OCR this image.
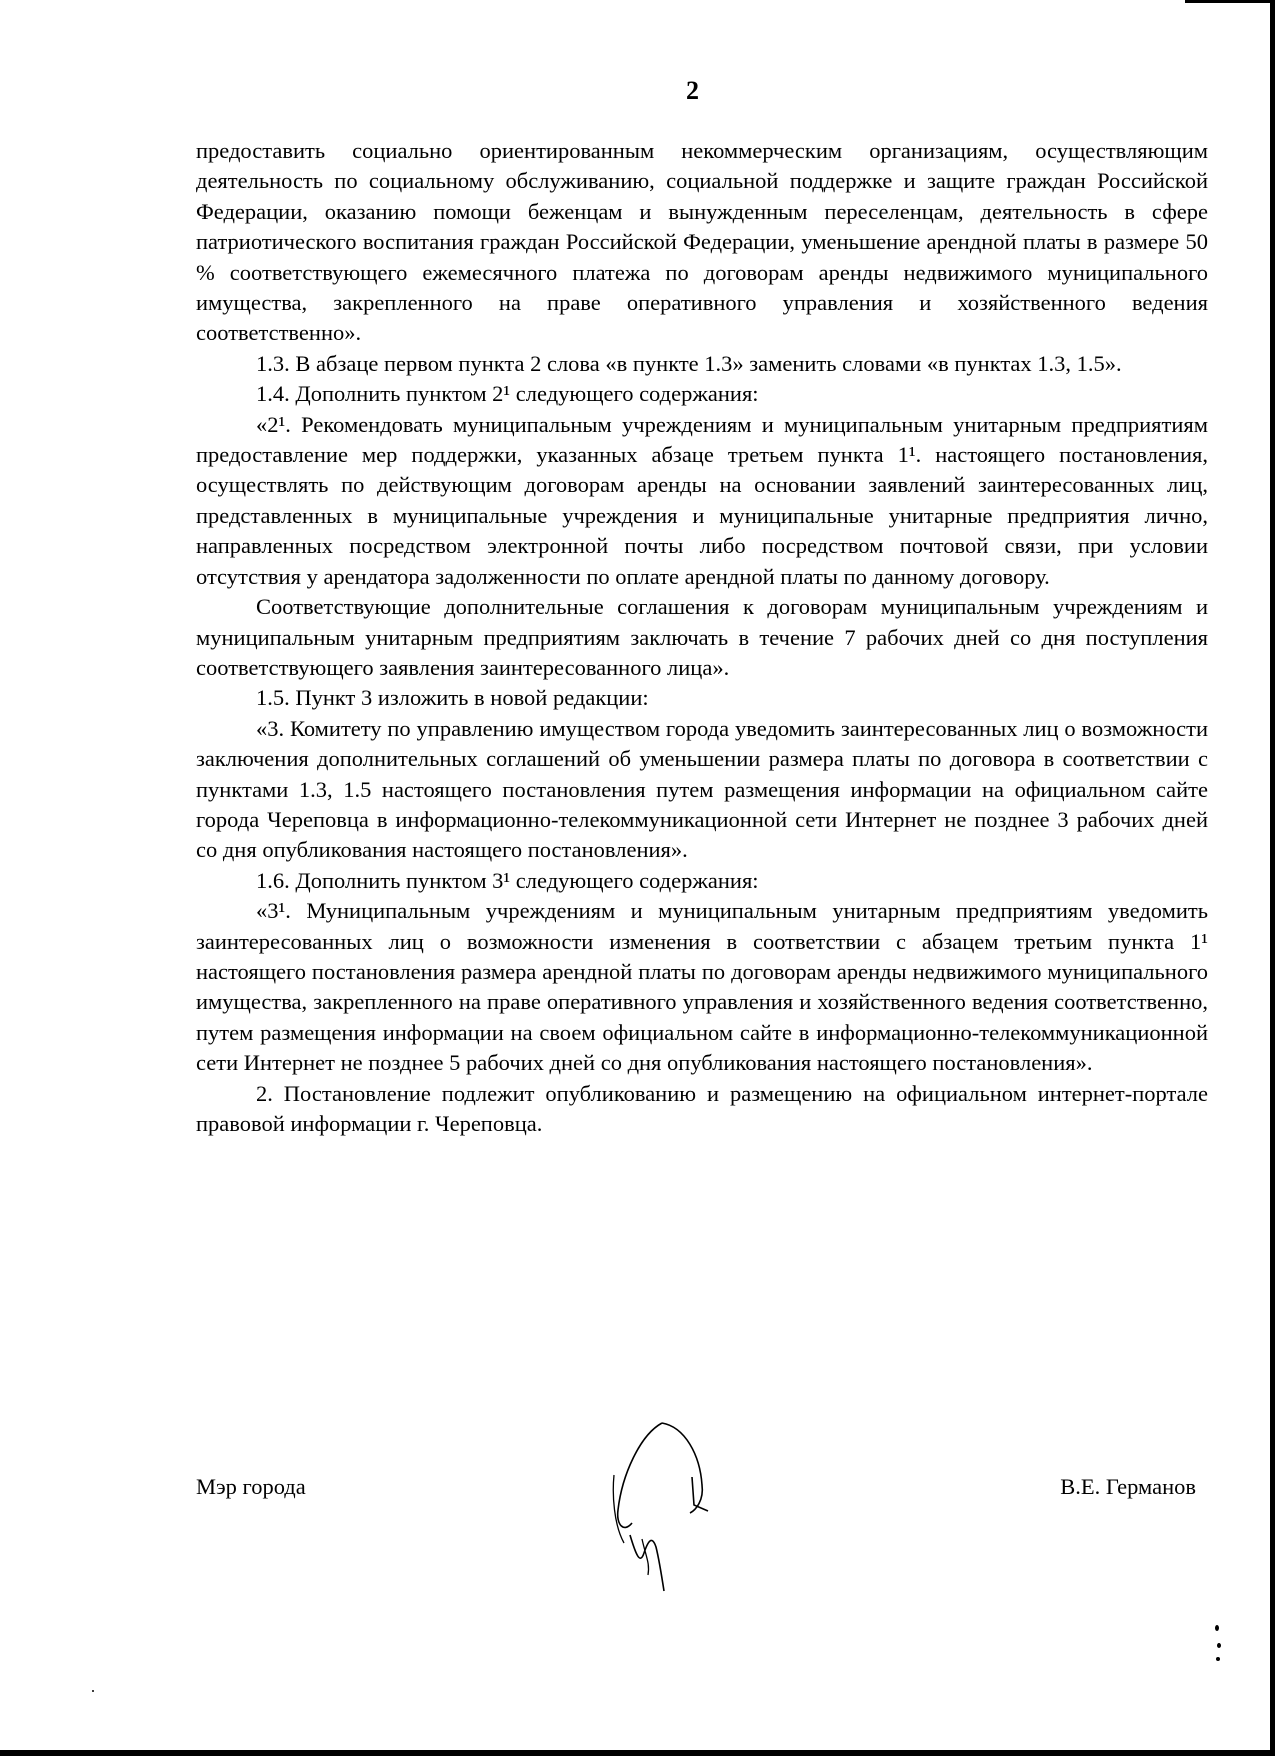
2

предоставить социально ориентированным некоммерческим организациям, осуществляющим деятельность по социальному обслуживанию, социальной поддержке и защите граждан Российской Федерации, оказанию помощи беженцам и вынужденным переселенцам, деятельность в сфере патриотического воспитания граждан Российской Федерации, уменьшение арендной платы в размере 50 % соответствующего ежемесячного платежа по договорам аренды недвижимого муниципального имущества, закрепленного на праве оперативного управления и хозяйственного ведения соответственно».

1.3. В абзаце первом пункта 2 слова «в пункте 1.3» заменить словами «в пунктах 1.3, 1.5».

1.4. Дополнить пунктом 2¹ следующего содержания:

«2¹. Рекомендовать муниципальным учреждениям и муниципальным унитарным предприятиям предоставление мер поддержки, указанных абзаце третьем пункта 1¹. настоящего постановления, осуществлять по действующим договорам аренды на основании заявлений заинтересованных лиц, представленных в муниципальные учреждения и муниципальные унитарные предприятия лично, направленных посредством электронной почты либо посредством почтовой связи, при условии отсутствия у арендатора задолженности по оплате арендной платы по данному договору.

Соответствующие дополнительные соглашения к договорам муниципальным учреждениям и муниципальным унитарным предприятиям заключать в течение 7 рабочих дней со дня поступления соответствующего заявления заинтересованного лица».

1.5. Пункт 3 изложить в новой редакции:

«3. Комитету по управлению имуществом города уведомить заинтересованных лиц о возможности заключения дополнительных соглашений об уменьшении размера платы по договора в соответствии с пунктами 1.3, 1.5 настоящего постановления путем размещения информации на официальном сайте города Череповца в информационно-телекоммуникационной сети Интернет не позднее 3 рабочих дней со дня опубликования настоящего постановления».

1.6. Дополнить пунктом 3¹ следующего содержания:

«3¹. Муниципальным учреждениям и муниципальным унитарным предприятиям уведомить заинтересованных лиц о возможности изменения в соответствии с абзацем третьим пункта 1¹ настоящего постановления размера арендной платы по договорам аренды недвижимого муниципального имущества, закрепленного на праве оперативного управления и хозяйственного ведения соответственно, путем размещения информации на своем официальном сайте в информационно-телекоммуникационной сети Интернет не позднее 5 рабочих дней со дня опубликования настоящего постановления».

2. Постановление подлежит опубликованию и размещению на официальном интернет-портале правовой информации г. Череповца.

Мэр города	В.Е. Германов
